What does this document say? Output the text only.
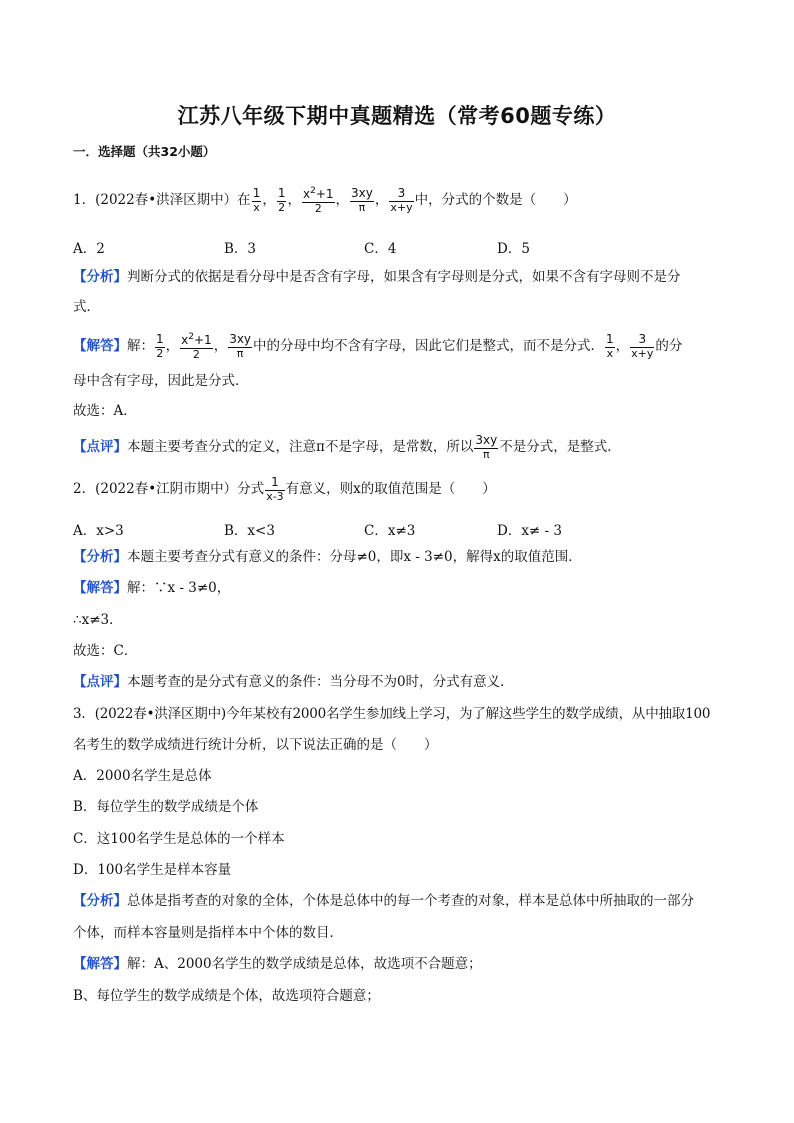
江苏八年级下期中真题精选（常考60题专练）
一．选择题（共32小题）
1．(2022春•洪泽区期中）在 $\frac{1}{x}$ ， $\frac{1}{2}$ ， $\frac{x^2+1}{2}$ ， $\frac{3xy}{\pi}$ ， $\frac{3}{x+y}$ 中，分式的个数是（　　）
A．2	B．3	C．4	D．5
【分析】判断分式的依据是看分母中是否含有字母，如果含有字母则是分式，如果不含有字母则不是分
式．
【解答】解： $\frac{1}{2}$ ， $\frac{x^2+1}{2}$ ， $\frac{3xy}{\pi}$ 中的分母中均不含有字母，因此它们是整式，而不是分式． $\frac{1}{x}$ ， $\frac{3}{x+y}$ 的分
母中含有字母，因此是分式．
故选：A．
【点评】本题主要考查分式的定义，注意π不是字母，是常数，所以 $\frac{3xy}{\pi}$ 不是分式，是整式．
2．(2022春•江阴市期中）分式 $\frac{1}{x-3}$ 有意义，则x的取值范围是（　　）
A．x>3	B．x<3	C．x≠3	D．x≠ - 3
【分析】本题主要考查分式有意义的条件：分母≠0，即x - 3≠0，解得x的取值范围．
【解答】解：∵x - 3≠0，
∴x≠3．
故选：C．
【点评】本题考查的是分式有意义的条件：当分母不为0时，分式有意义．
3．(2022春•洪泽区期中)今年某校有2000名学生参加线上学习，为了解这些学生的数学成绩，从中抽取100
名考生的数学成绩进行统计分析，以下说法正确的是（　　）
A．2000名学生是总体
B．每位学生的数学成绩是个体
C．这100名学生是总体的一个样本
D．100名学生是样本容量
【分析】总体是指考查的对象的全体，个体是总体中的每一个考查的对象，样本是总体中所抽取的一部分
个体，而样本容量则是指样本中个体的数目．
【解答】解：A、2000名学生的数学成绩是总体，故选项不合题意；
B、每位学生的数学成绩是个体，故选项符合题意；
